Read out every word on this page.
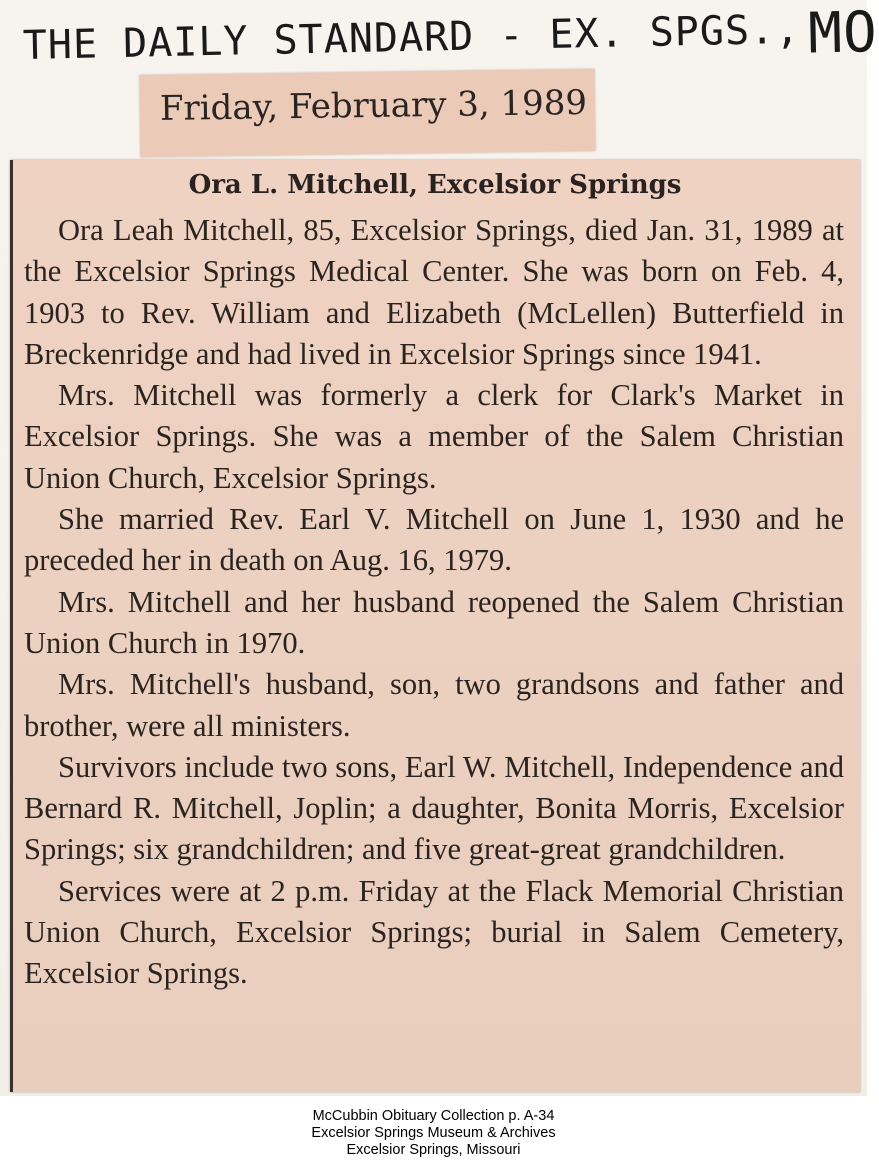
THE DAILY STANDARD - EX. SPGS., MO
Friday, February 3, 1989
Ora L. Mitchell, Excelsior Springs

Ora Leah Mitchell, 85, Excelsior Springs, died Jan. 31, 1989 at the Excelsior Springs Medical Center. She was born on Feb. 4, 1903 to Rev. William and Elizabeth (McLellen) Butterfield in Breckenridge and had lived in Excelsior Springs since 1941.

Mrs. Mitchell was formerly a clerk for Clark's Market in Excelsior Springs. She was a member of the Salem Christian Union Church, Excelsior Springs.

She married Rev. Earl V. Mitchell on June 1, 1930 and he preceded her in death on Aug. 16, 1979.

Mrs. Mitchell and her husband reopened the Salem Christian Union Church in 1970.

Mrs. Mitchell's husband, son, two grandsons and father and brother, were all ministers.

Survivors include two sons, Earl W. Mitchell, Independence and Bernard R. Mitchell, Joplin; a daughter, Bonita Morris, Excelsior Springs; six grandchildren; and five great-great grandchildren.

Services were at 2 p.m. Friday at the Flack Memorial Christian Union Church, Excelsior Springs; burial in Salem Cemetery, Excelsior Springs.

McCubbin Obituary Collection p. A-34
Excelsior Springs Museum & Archives
Excelsior Springs, Missouri
